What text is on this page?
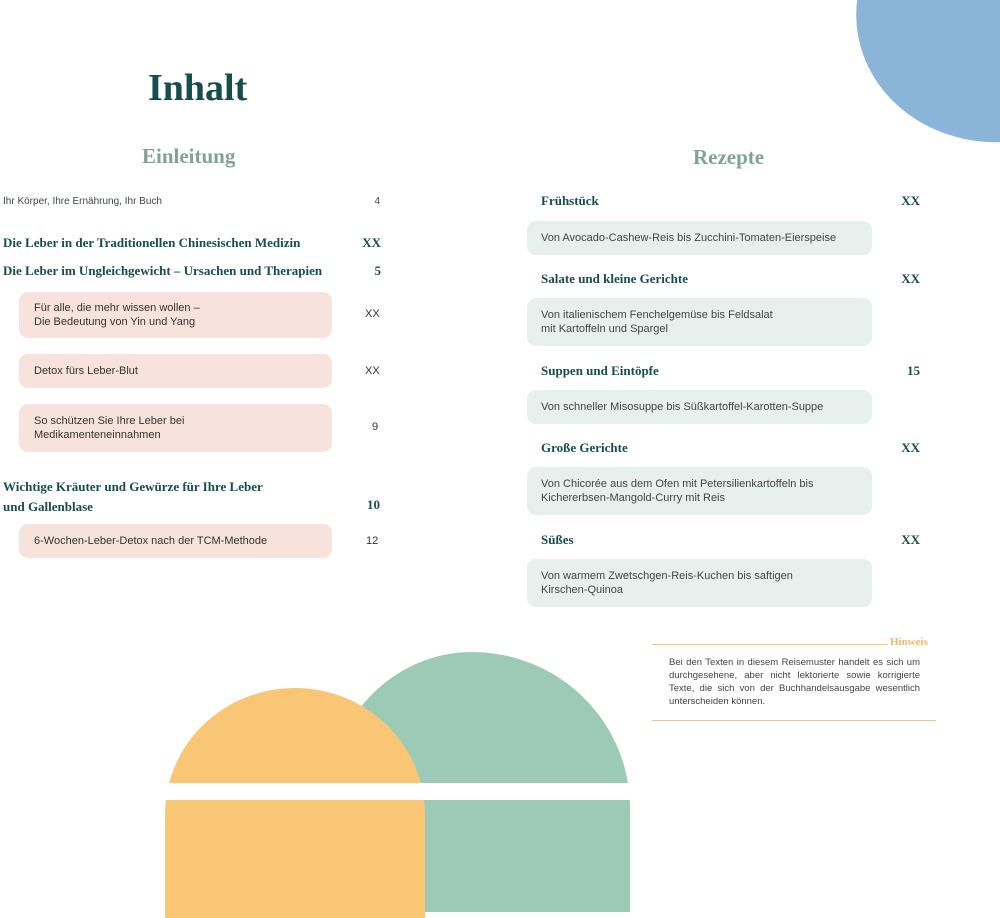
Inhalt
Einleitung
Ihr Körper, Ihre Ernährung, Ihr Buch	4
Die Leber in der Traditionellen Chinesischen Medizin	XX
Die Leber im Ungleichgewicht – Ursachen und Therapien	5
Für alle, die mehr wissen wollen –
Die Bedeutung von Yin und Yang
XX
Detox fürs Leber-Blut	XX
So schützen Sie Ihre Leber bei
Medikamenteneinnahmen
9
Wichtige Kräuter und Gewürze für Ihre Leber
und Gallenblase	10
6-Wochen-Leber-Detox nach der TCM-Methode	12
Rezepte
Frühstück	XX
Von Avocado-Cashew-Reis bis Zucchini-Tomaten-Eierspeise
Salate und kleine Gerichte	XX
Von italienischem Fenchelgemüse bis Feldsalat
mit Kartoffeln und Spargel
Suppen und Eintöpfe	15
Von schneller Misosuppe bis Süßkartoffel-Karotten-Suppe
Große Gerichte	XX
Von Chicorée aus dem Ofen mit Petersilienkartoffeln bis
Kichererbsen-Mangold-Curry mit Reis
Süßes	XX
Von warmem Zwetschgen-Reis-Kuchen bis saftigen
Kirschen-Quinoa
Hinweis
Bei den Texten in diesem Reisemuster handelt es sich um durchgesehene, aber nicht lektorierte sowie korrigierte Texte, die sich von der Buchhandelsausgabe wesentlich unterscheiden können.
